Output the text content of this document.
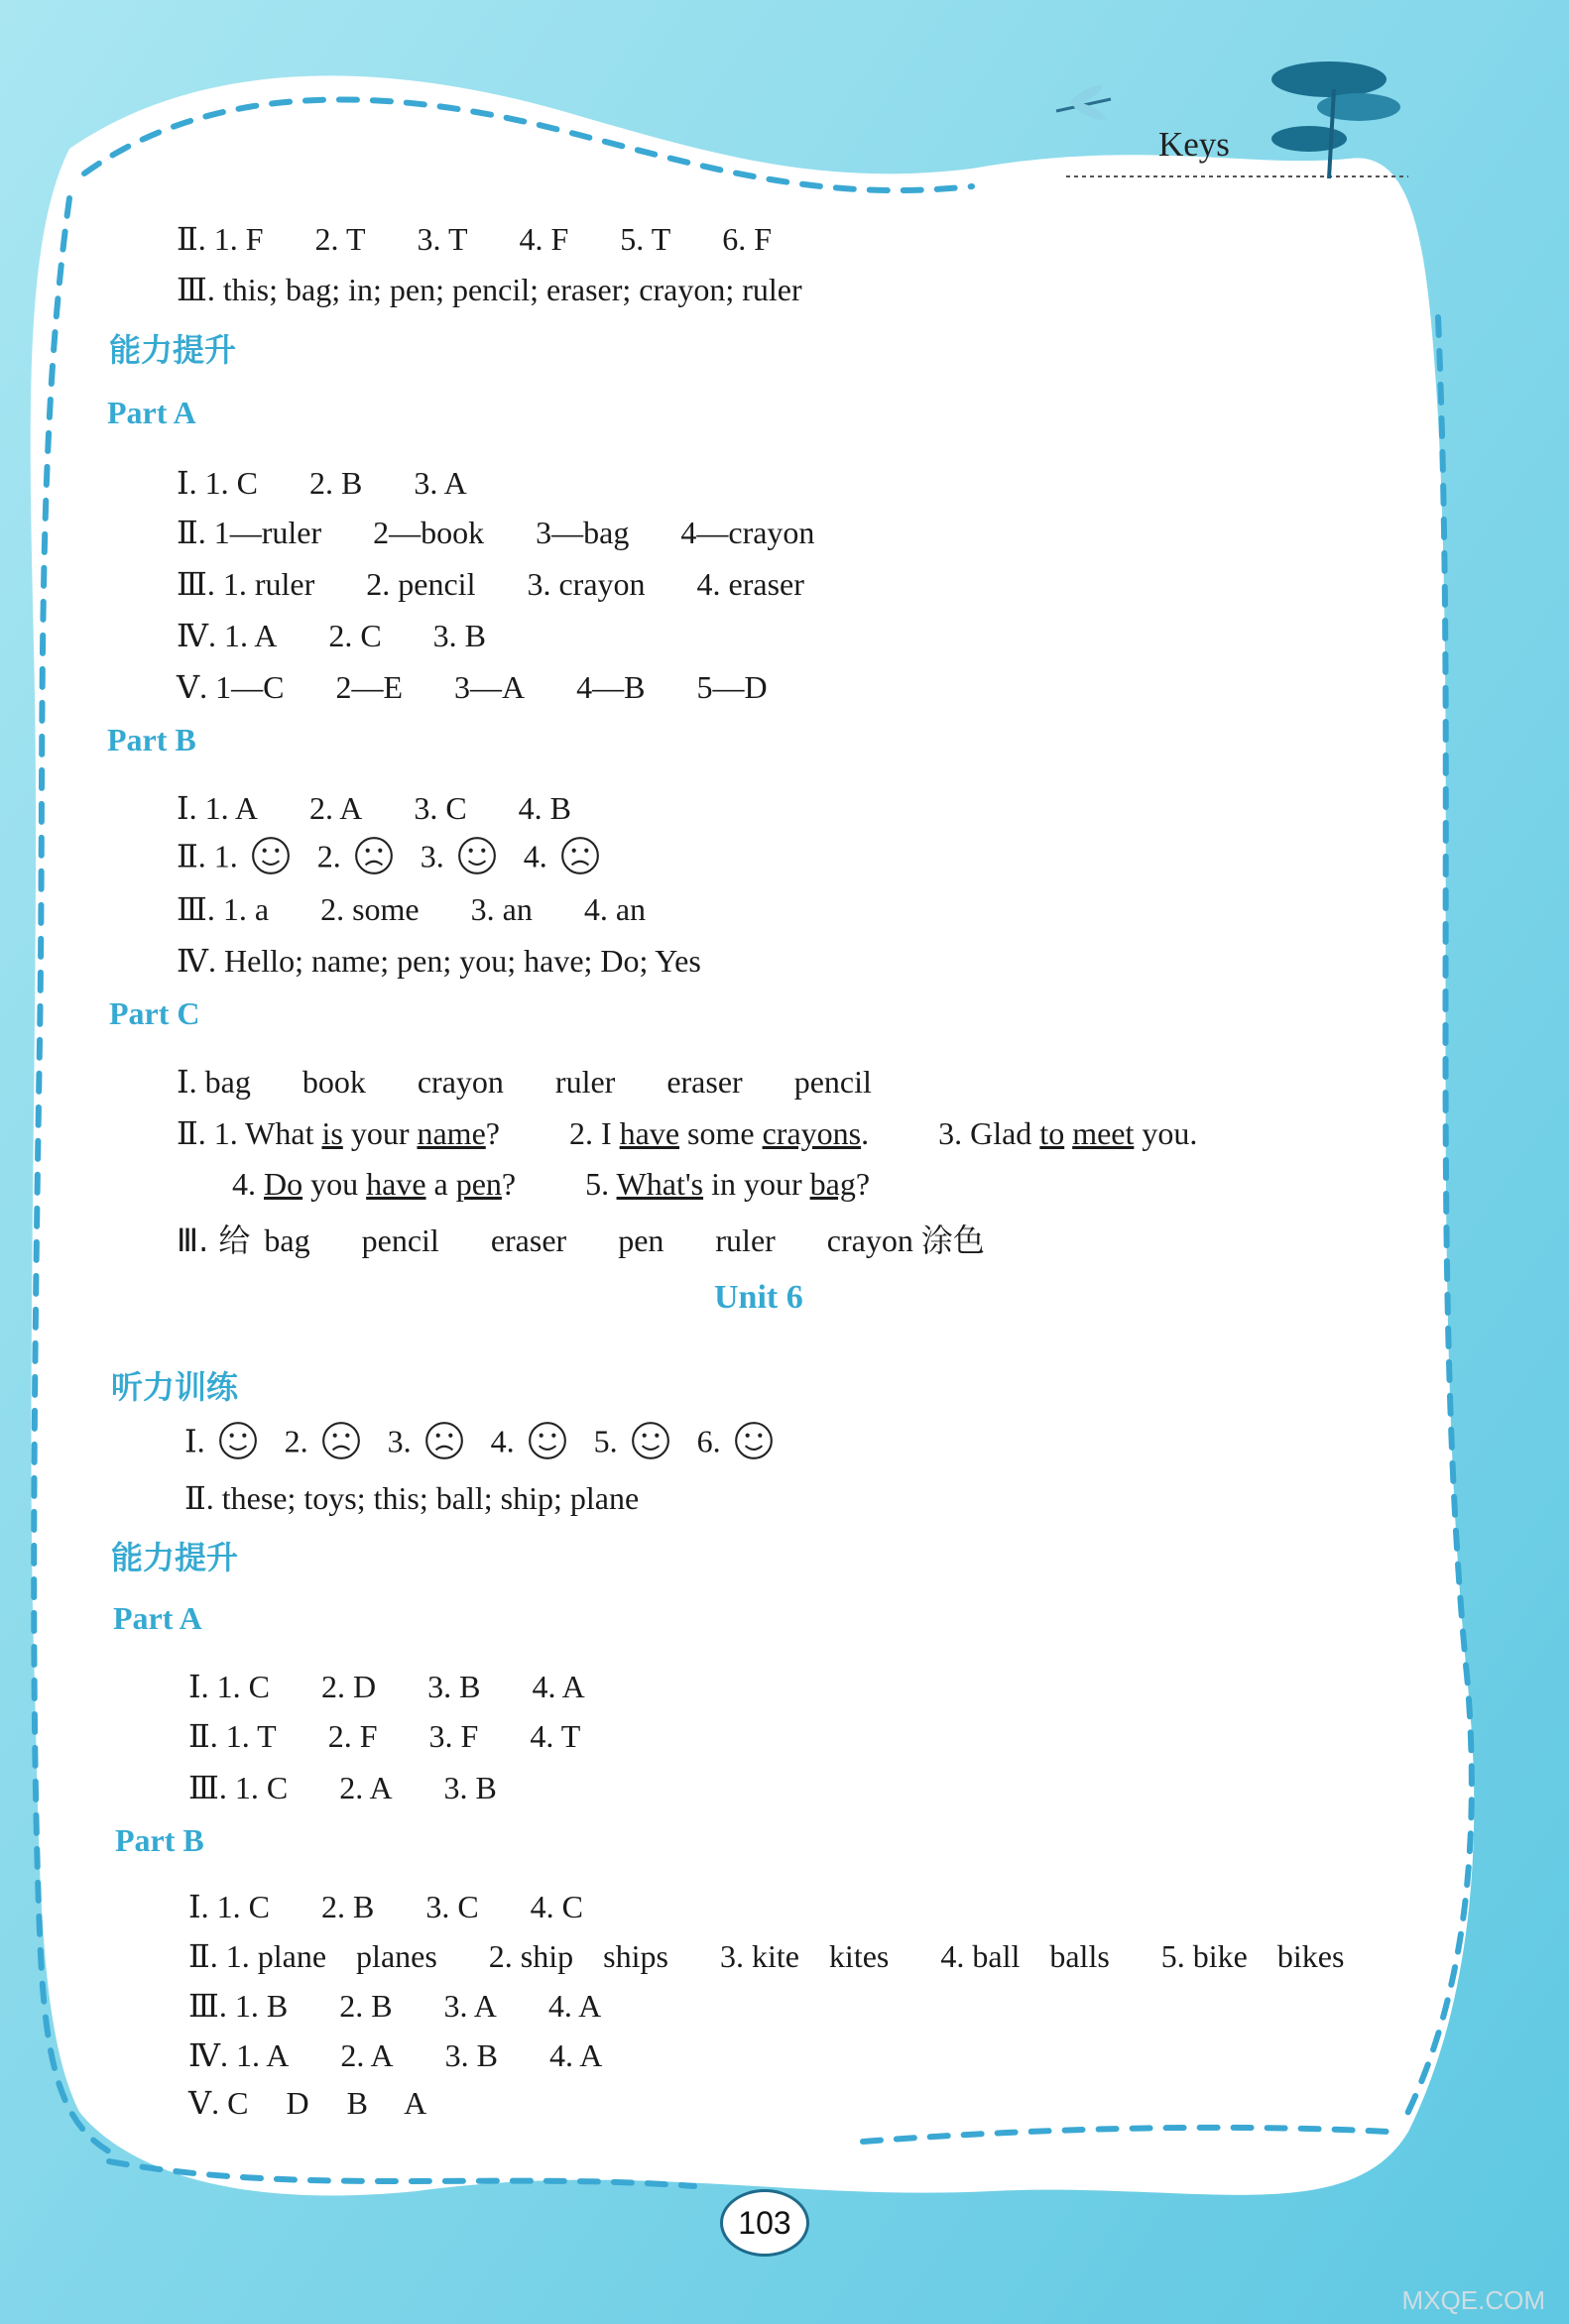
Keys
Ⅱ. 1. F 2. T 3. T 4. F 5. T 6. F
Ⅲ. this; bag; in; pen; pencil; eraser; crayon; ruler
能力提升
Part A
Ⅰ. 1. C 2. B 3. A
Ⅱ. 1—ruler 2—book 3—bag 4—crayon
Ⅲ. 1. ruler 2. pencil 3. crayon 4. eraser
Ⅳ. 1. A 2. C 3. B
Ⅴ. 1—C 2—E 3—A 4—B 5—D
Part B
Ⅰ. 1. A 2. A 3. C 4. B
Ⅱ. 1.	2.	3.	4.
Ⅲ. 1. a 2. some 3. an 4. an
Ⅳ. Hello; name; pen; you; have; Do; Yes
Part C
Ⅰ. bag book crayon ruler eraser pencil
Ⅱ. 1. What is your name? 2. I have some crayons. 3. Glad to meet you.
4. Do you have a pen? 5. What's in your bag?
Ⅲ. 给 bag pencil eraser pen ruler crayon 涂色
Unit 6
听力训练
Ⅰ.	2.	3.	4.	5.	6.
Ⅱ. these; toys; this; ball; ship; plane
能力提升
Part A
Ⅰ. 1. C 2. D 3. B 4. A
Ⅱ. 1. T 2. F 3. F 4. T
Ⅲ. 1. C 2. A 3. B
Part B
Ⅰ. 1. C 2. B 3. C 4. C
Ⅱ. 1. plane planes 2. ship ships 3. kite kites 4. ball balls 5. bike bikes
Ⅲ. 1. B 2. B 3. A 4. A
Ⅳ. 1. A 2. A 3. B 4. A
Ⅴ. C D B A
103
MXQE.COM
